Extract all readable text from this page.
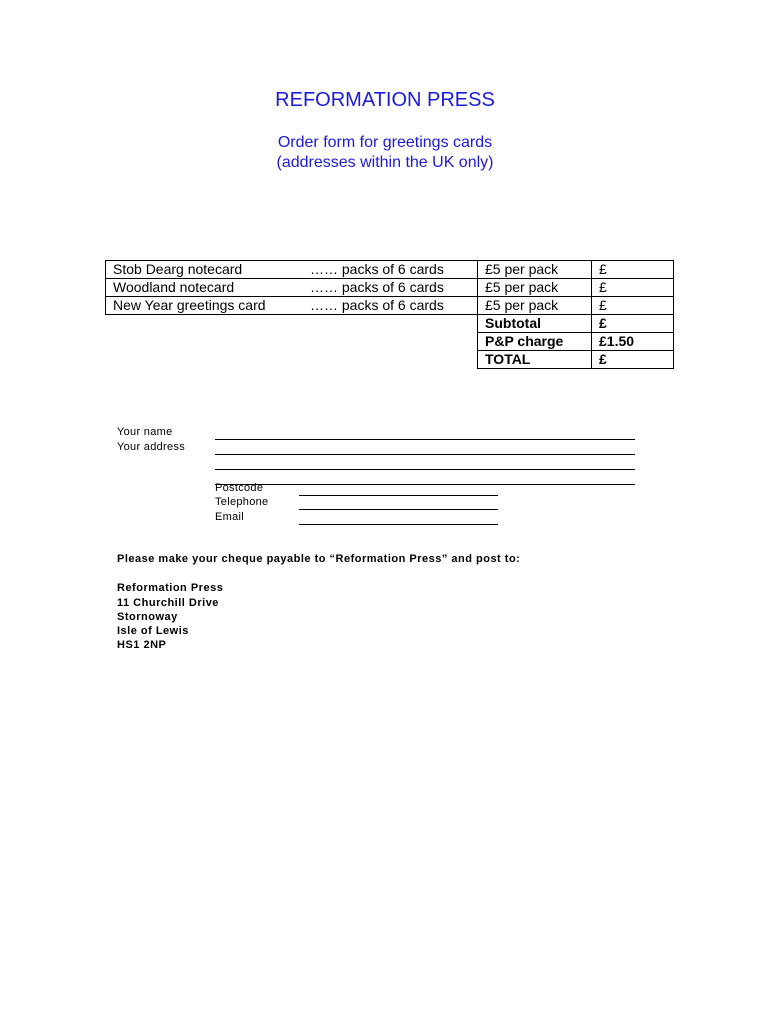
REFORMATION PRESS
Order form for greetings cards
(addresses within the UK only)
Stob Dearg notecard	…… packs of 6 cards	£5 per pack	£
Woodland notecard	…… packs of 6 cards	£5 per pack	£
New Year greetings card	…… packs of 6 cards	£5 per pack	£
		Subtotal	£
		P&P charge	£1.50
		TOTAL	£
Your name
Your address
Postcode
Telephone
Email
Please make your cheque payable to “Reformation Press” and post to:
Reformation Press
11 Churchill Drive
Stornoway
Isle of Lewis
HS1 2NP
